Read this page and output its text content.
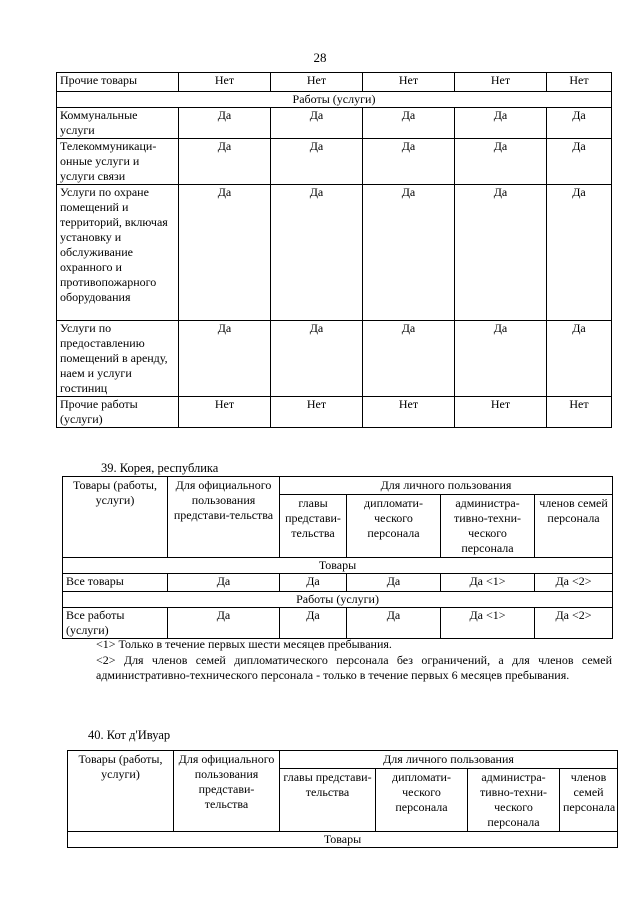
28
Прочие товары	Нет	Нет	Нет	Нет	Нет
Работы (услуги)					
Коммунальные услуги	Да	Да	Да	Да	Да
Телекоммуникаци-онные услуги и услуги связи	Да	Да	Да	Да	Да
Услуги по охране помещений и территорий, включая установку и обслуживание охранного и противопожарного оборудования	Да	Да	Да	Да	Да
Услуги по предоставлению помещений в аренду, наем и услуги гостиниц	Да	Да	Да	Да	Да
Прочие работы (услуги)	Нет	Нет	Нет	Нет	Нет
39. Корея, республика
Товары (работы, услуги)	Для официального пользования представи-тельства	Для личного пользования			
		главы представи-тельства	дипломати-ческого персонала	администра-тивно-техни-ческого персонала	членов семей персонала
Товары					
Все товары	Да	Да	Да	Да <1>	Да <2>
Работы (услуги)					
Все работы (услуги)	Да	Да	Да	Да <1>	Да <2>
<1> Только в течение первых шести месяцев пребывания.
<2> Для членов семей дипломатического персонала без ограничений, а для членов семей административно-технического персонала - только в течение первых 6 месяцев пребывания.
40. Кот д'Ивуар
Товары (работы, услуги)	Для официального пользования представи-тельства	Для личного пользования			
		главы представи-тельства	дипломати-ческого персонала	администра-тивно-техни-ческого персонала	членов семей персонала
Товары					
